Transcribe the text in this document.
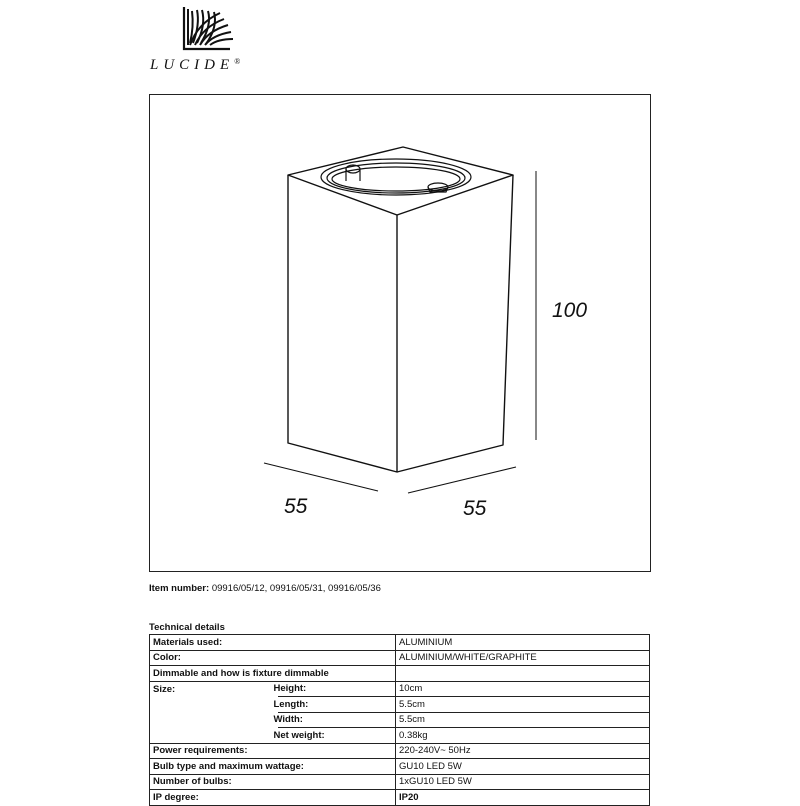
LUCIDE®
100
55	55
Item number: 09916/05/12, 09916/05/31, 09916/05/36
Technical details
Materials used:		ALUMINIUM
Color:		ALUMINIUM/WHITE/GRAPHITE
Dimmable and how is fixture dimmable		
Size:	Height:	10cm
	Length:	5.5cm
	Width:	5.5cm
	Net weight:	0.38kg
Power requirements:		220-240V~ 50Hz
Bulb type and maximum wattage:		GU10 LED 5W
Number of bulbs:		1xGU10 LED 5W
IP degree:		IP20
